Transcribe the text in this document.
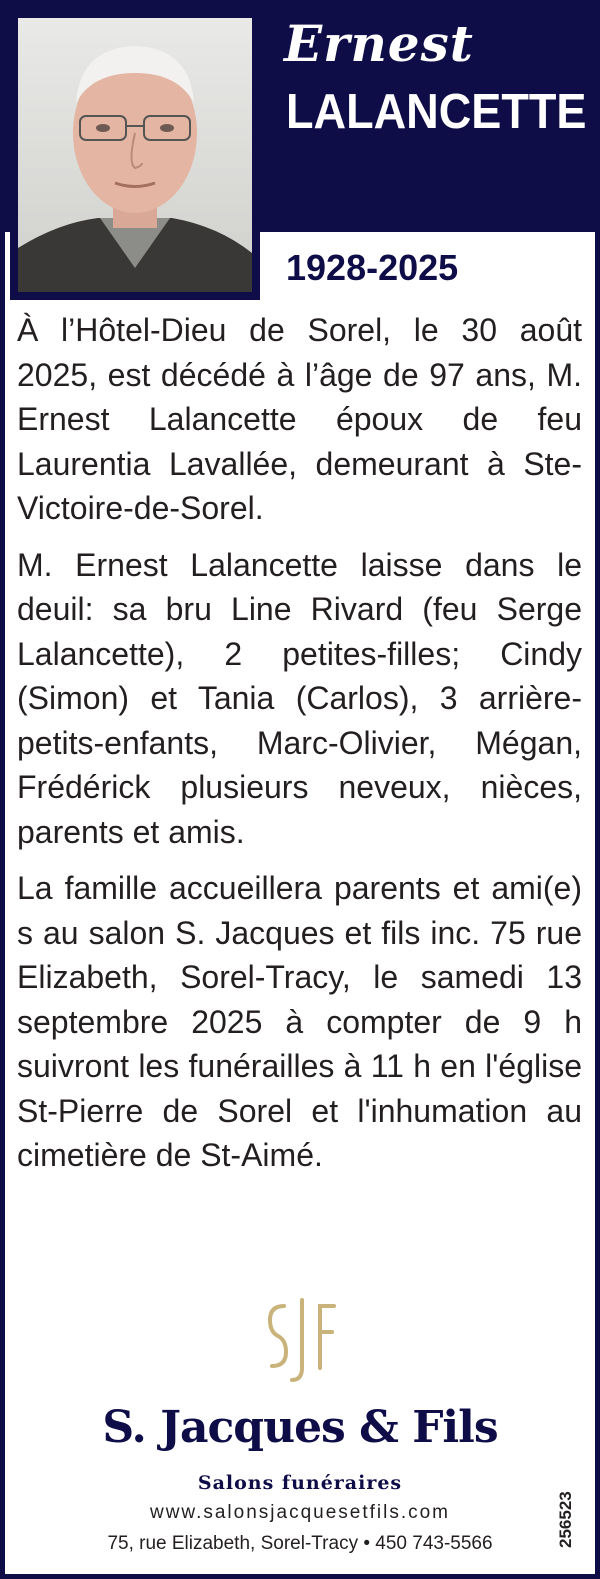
Ernest
LALANCETTE
1928-2025

À l’Hôtel-Dieu de Sorel, le 30 août 2025, est décédé à l’âge de 97 ans, M. Ernest Lalancette époux de feu Laurentia Lavallée, demeurant à Ste-Victoire-de-Sorel.

M. Ernest Lalancette laisse dans le deuil: sa bru Line Rivard (feu Serge Lalancette), 2 petites-filles; Cindy (Simon) et Tania (Carlos), 3 arrière-petits-enfants, Marc-Olivier, Mégan, Frédérick plusieurs neveux, nièces, parents et amis.

La famille accueillera parents et ami(e) s au salon S. Jacques et fils inc. 75 rue Elizabeth, Sorel-Tracy, le samedi 13 septembre 2025 à compter de 9 h suivront les funérailles à 11 h en l'église St-Pierre de Sorel et l'inhumation au cimetière de St-Aimé.

S. Jacques & Fils
Salons funéraires
www.salonsjacquesetfils.com
75, rue Elizabeth, Sorel-Tracy • 450 743-5566	256523
